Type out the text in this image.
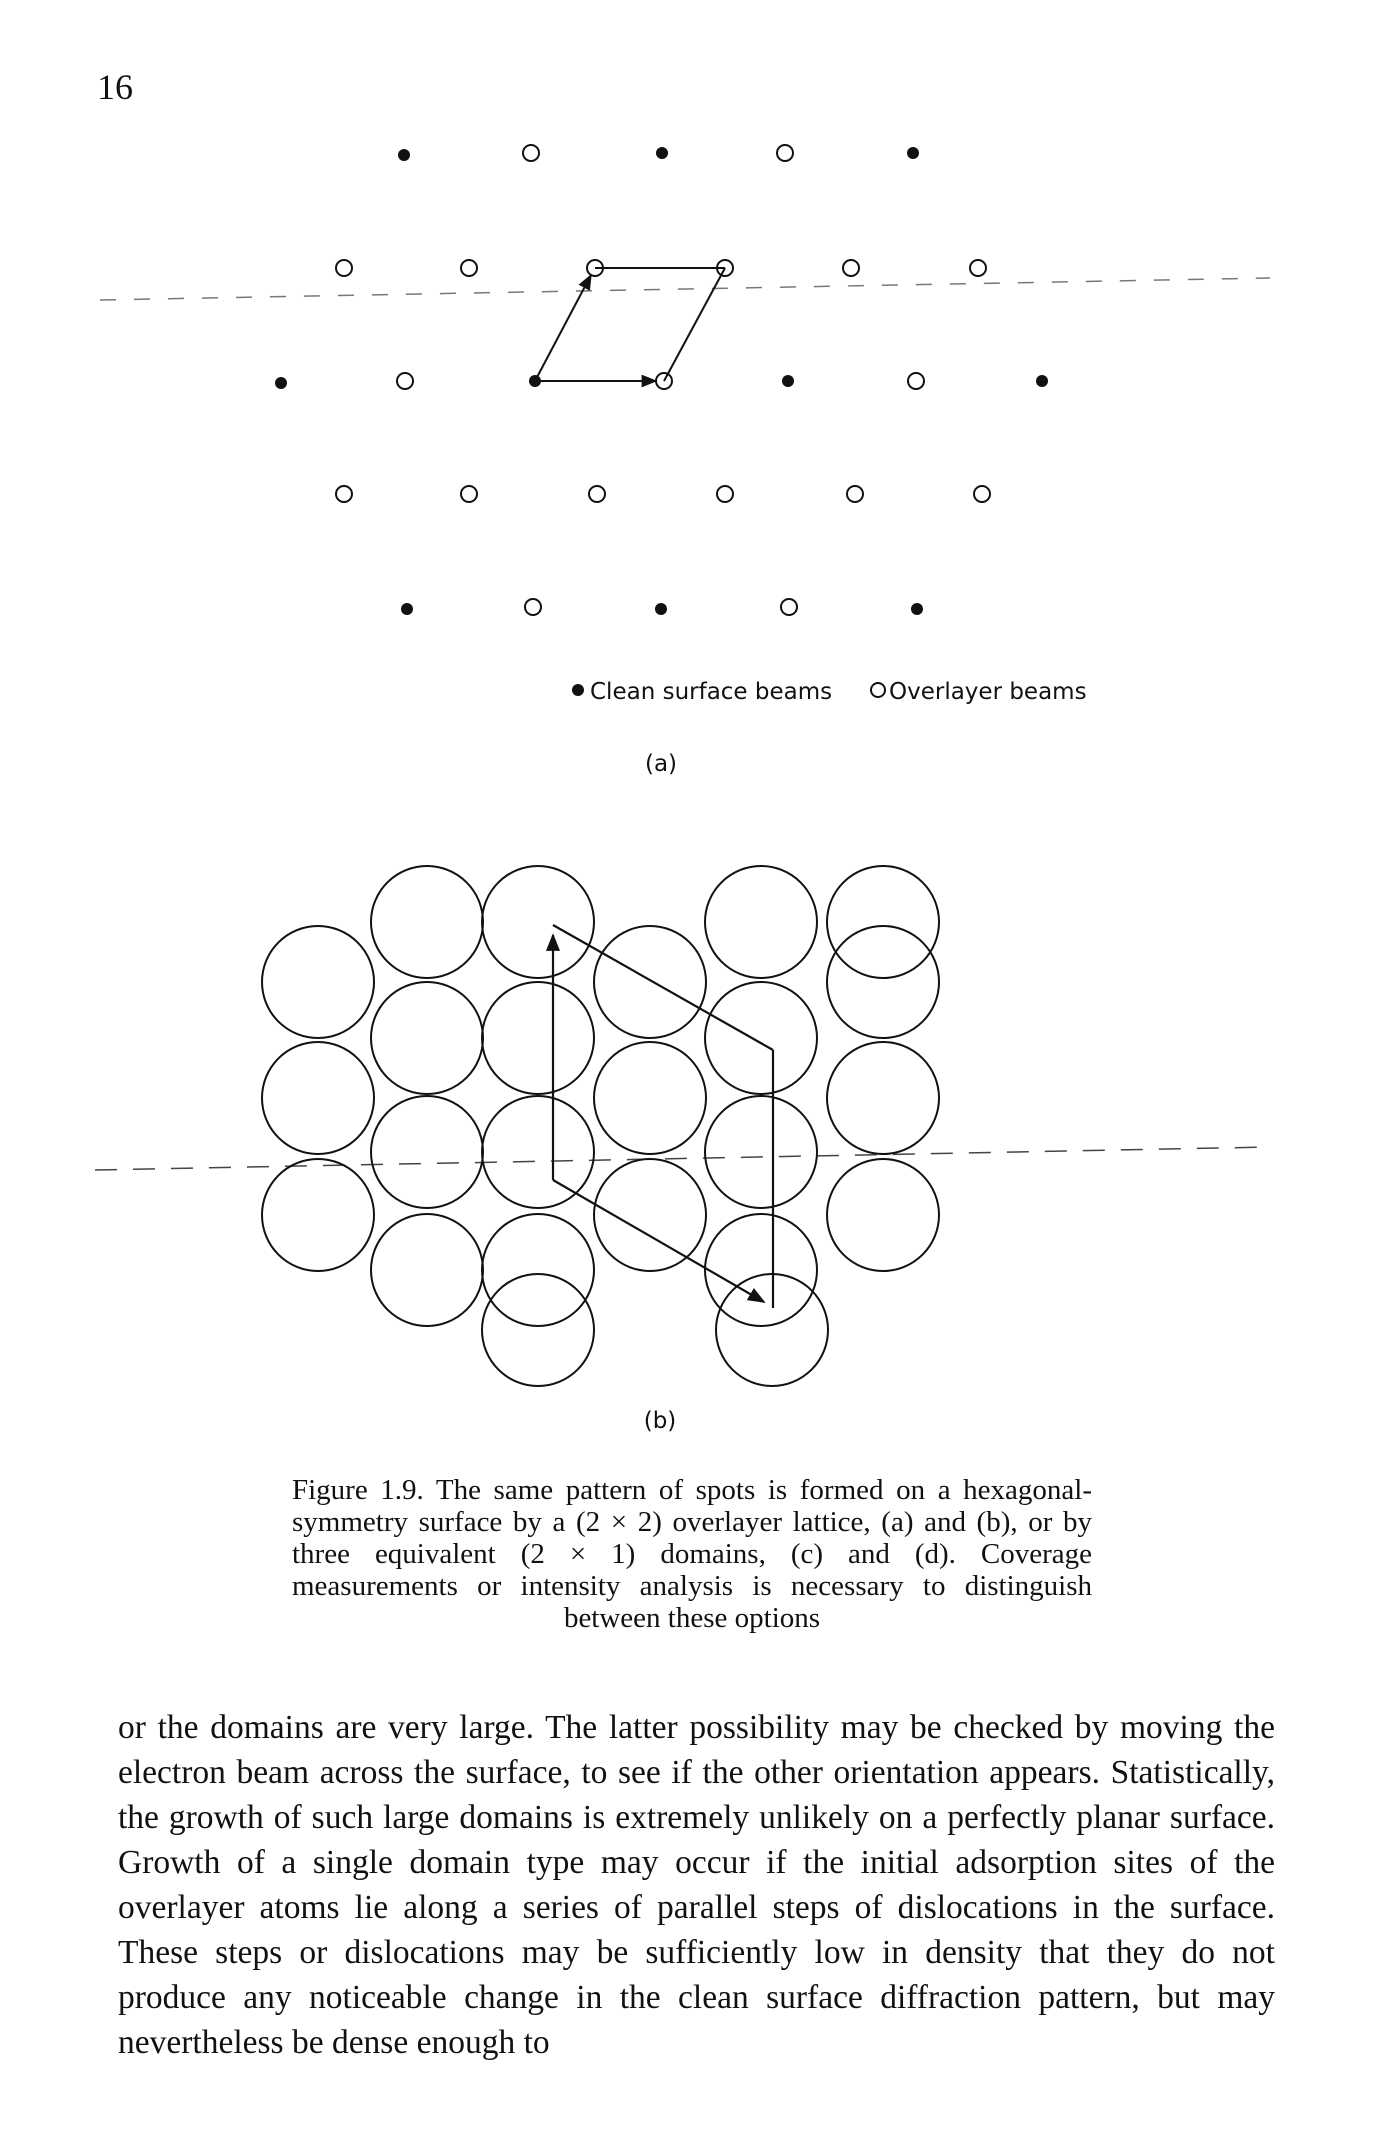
16
Clean surface beams Overlayer beams
(a)
(b)
Figure 1.9. The same pattern of spots is formed on a hexagonal-symmetry surface by a (2 × 2) overlayer lattice, (a) and (b), or by three equivalent (2 × 1) domains, (c) and (d). Coverage measurements or intensity analysis is necessary to distinguish between these options
or the domains are very large. The latter possibility may be checked by moving the electron beam across the surface, to see if the other orientation appears. Statistically, the growth of such large domains is extremely unlikely on a perfectly planar surface. Growth of a single domain type may occur if the initial adsorption sites of the overlayer atoms lie along a series of parallel steps of dislocations in the surface. These steps or dislocations may be sufficiently low in density that they do not produce any noticeable change in the clean surface diffraction pattern, but may nevertheless be dense enough to
